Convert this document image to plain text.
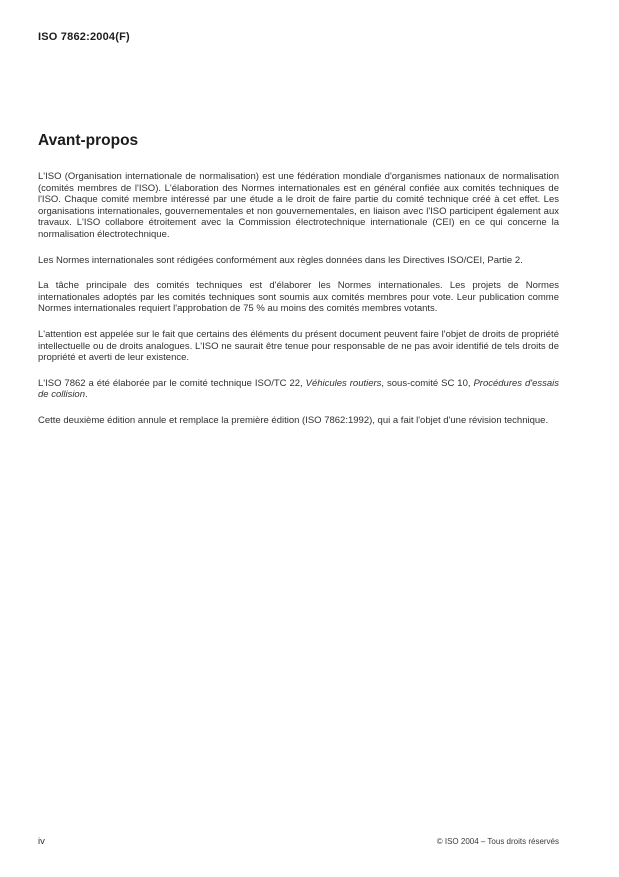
ISO 7862:2004(F)
Avant-propos

L'ISO (Organisation internationale de normalisation) est une fédération mondiale d'organismes nationaux de normalisation (comités membres de l'ISO). L'élaboration des Normes internationales est en général confiée aux comités techniques de l'ISO. Chaque comité membre intéressé par une étude a le droit de faire partie du comité technique créé à cet effet. Les organisations internationales, gouvernementales et non gouvernementales, en liaison avec l'ISO participent également aux travaux. L'ISO collabore étroitement avec la Commission électrotechnique internationale (CEI) en ce qui concerne la normalisation électrotechnique.

Les Normes internationales sont rédigées conformément aux règles données dans les Directives ISO/CEI, Partie 2.

La tâche principale des comités techniques est d'élaborer les Normes internationales. Les projets de Normes internationales adoptés par les comités techniques sont soumis aux comités membres pour vote. Leur publication comme Normes internationales requiert l'approbation de 75 % au moins des comités membres votants.

L'attention est appelée sur le fait que certains des éléments du présent document peuvent faire l'objet de droits de propriété intellectuelle ou de droits analogues. L'ISO ne saurait être tenue pour responsable de ne pas avoir identifié de tels droits de propriété et averti de leur existence.

L'ISO 7862 a été élaborée par le comité technique ISO/TC 22, Véhicules routiers, sous-comité SC 10, Procédures d'essais de collision.

Cette deuxième édition annule et remplace la première édition (ISO 7862:1992), qui a fait l'objet d'une révision technique.

iv	© ISO 2004 – Tous droits réservés
